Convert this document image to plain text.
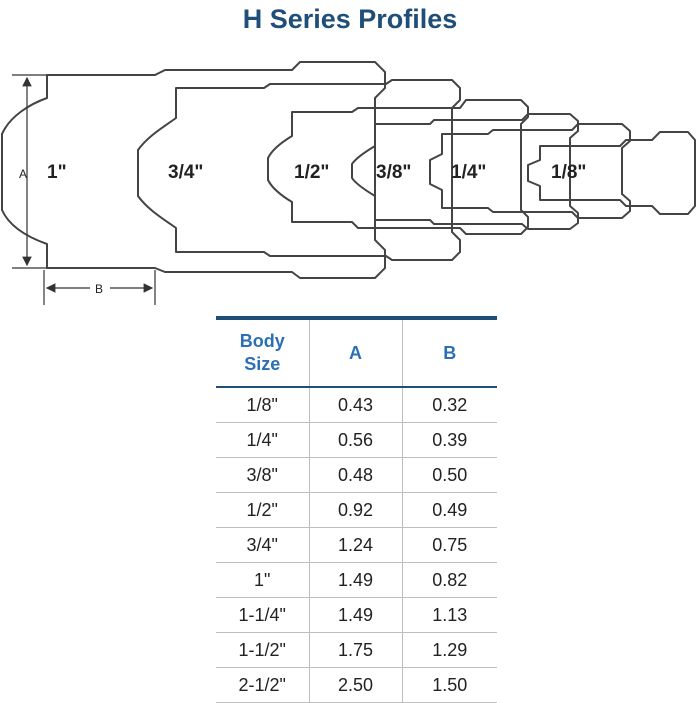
H Series Profiles
A
B
1"	3/4"	1/2" 3/8" 1/4"	1/8"
Body Size	A	B
1/8"	0.43	0.32
1/4"	0.56	0.39
3/8"	0.48	0.50
1/2"	0.92	0.49
3/4"	1.24	0.75
1"	1.49	0.82
1-1/4"	1.49	1.13
1-1/2"	1.75	1.29
2-1/2"	2.50	1.50
